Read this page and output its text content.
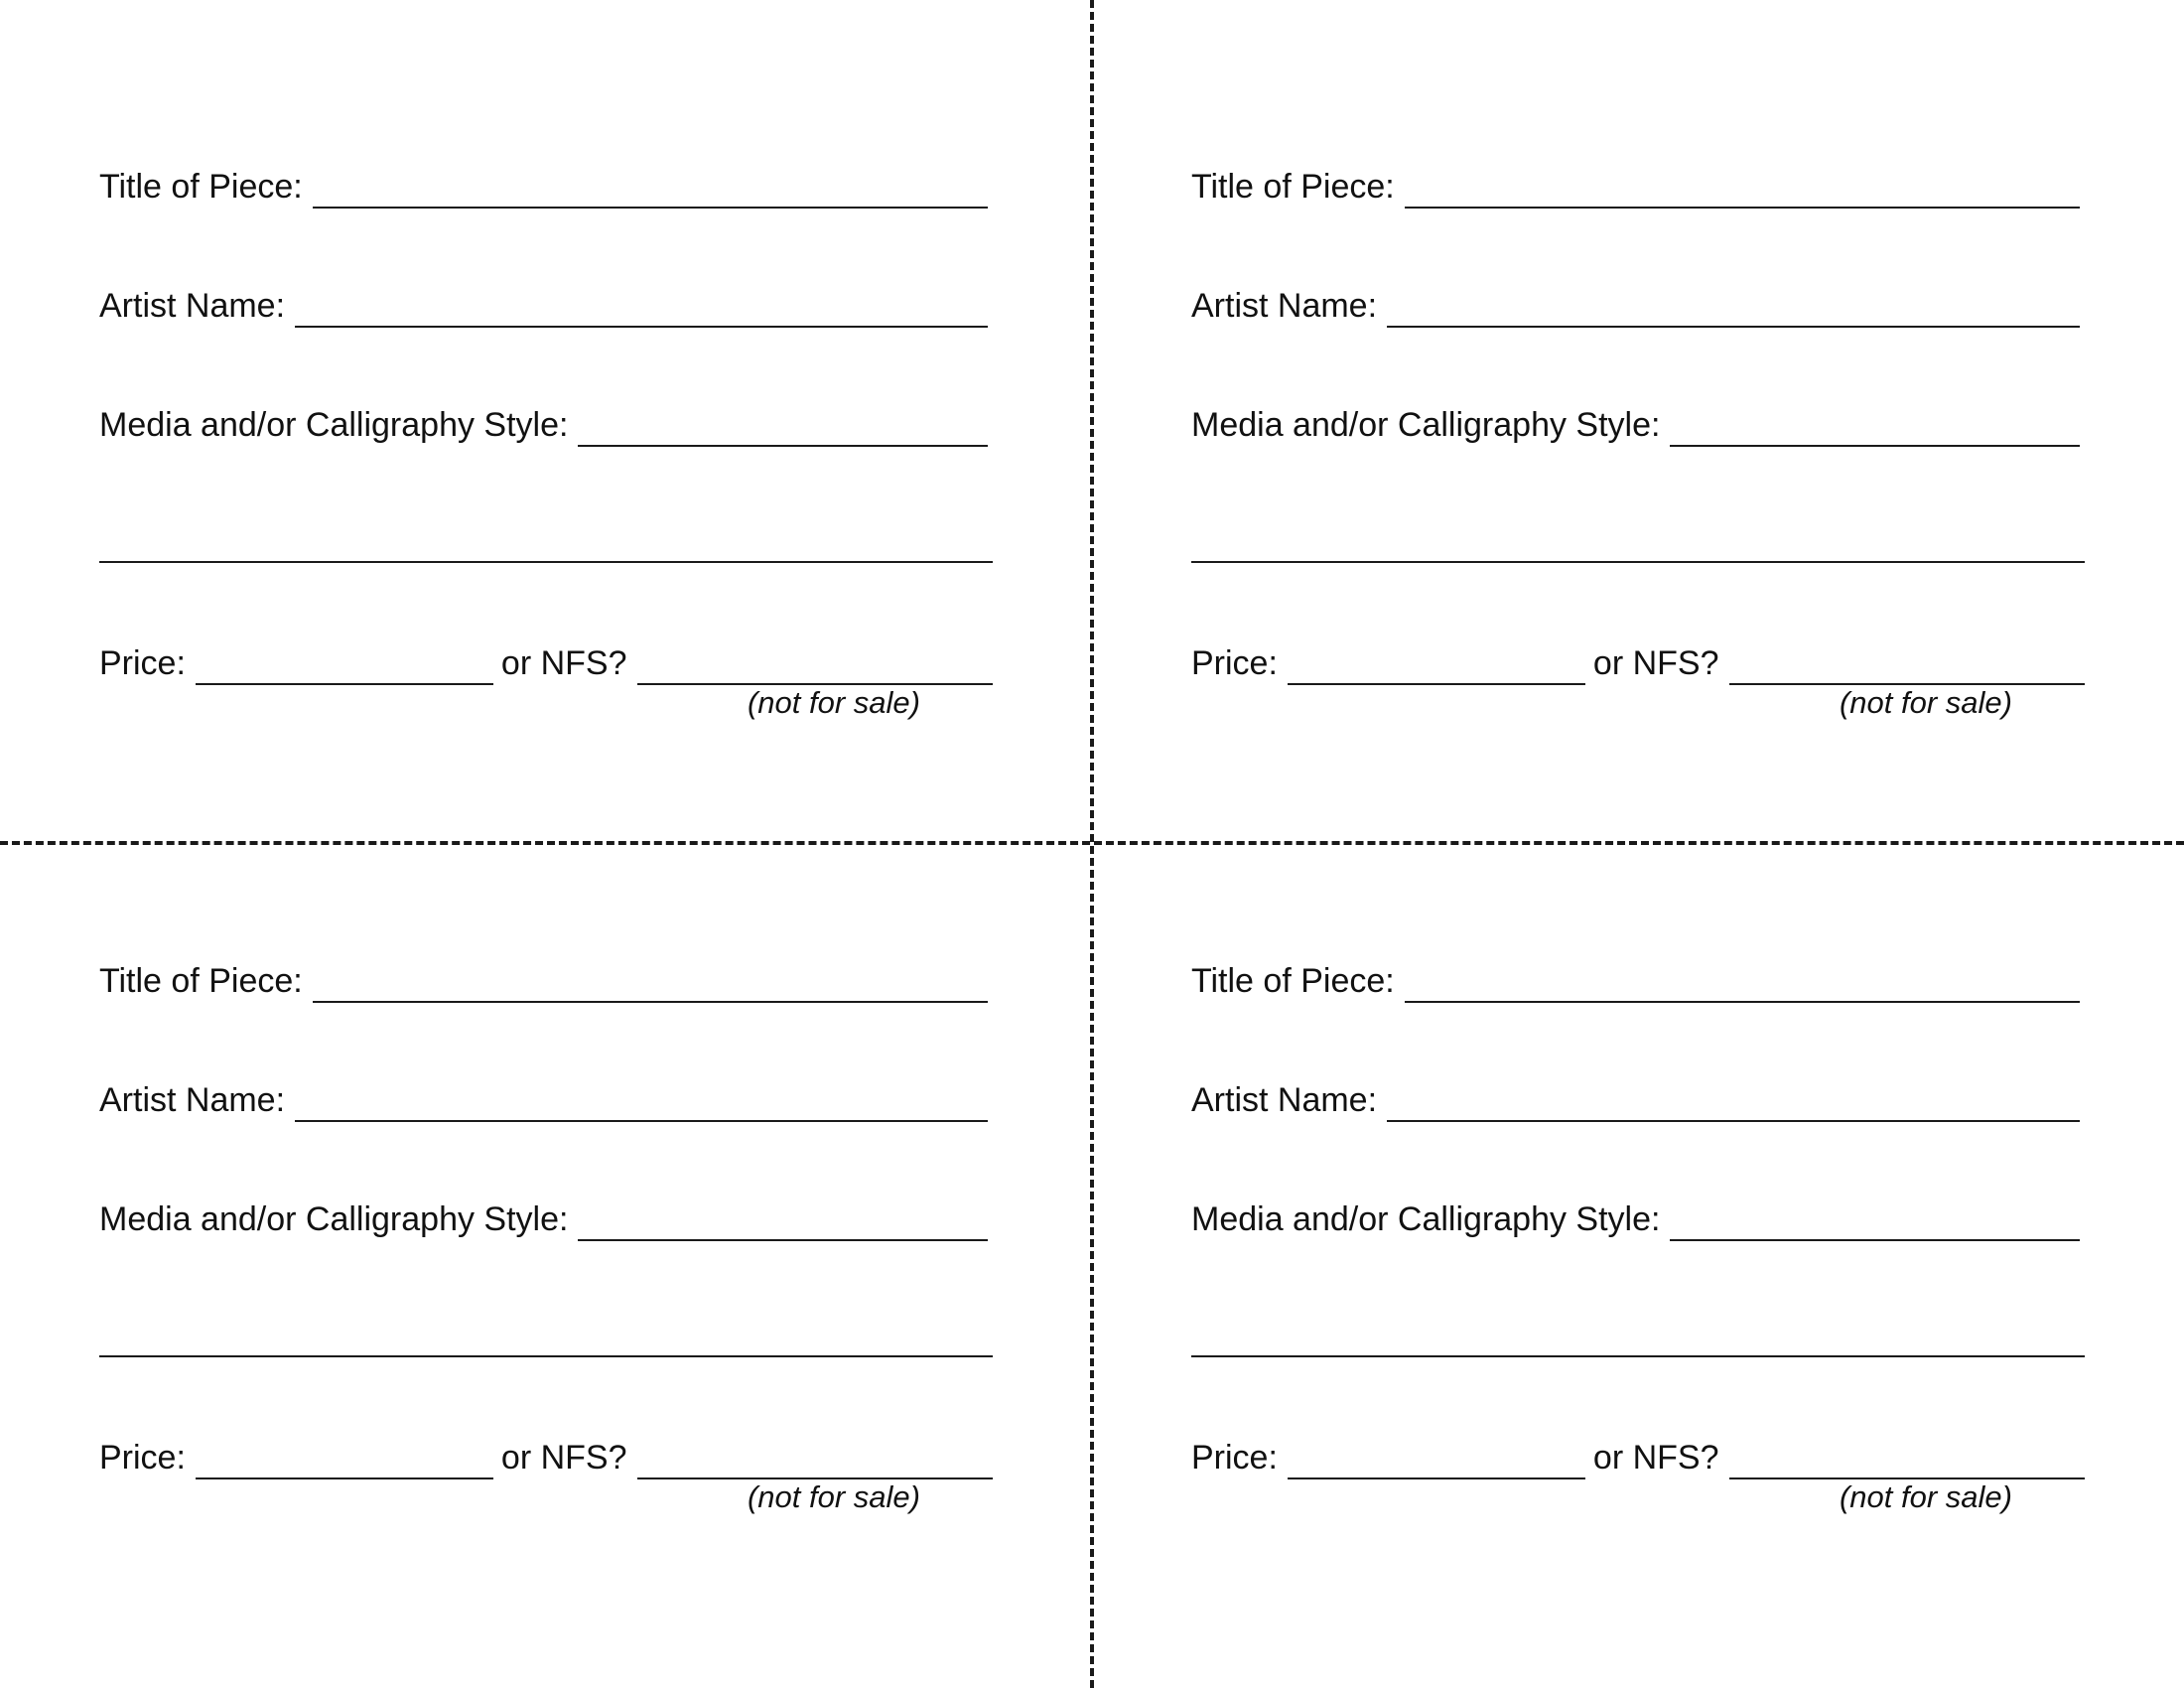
Title of Piece:
Artist Name:
Media and/or Calligraphy Style:
Price:	or NFS?
(not for sale)
Title of Piece:
Artist Name:
Media and/or Calligraphy Style:
Price:	or NFS?
(not for sale)
Title of Piece:
Artist Name:
Media and/or Calligraphy Style:
Price:	or NFS?
(not for sale)
Title of Piece:
Artist Name:
Media and/or Calligraphy Style:
Price:	or NFS?
(not for sale)
